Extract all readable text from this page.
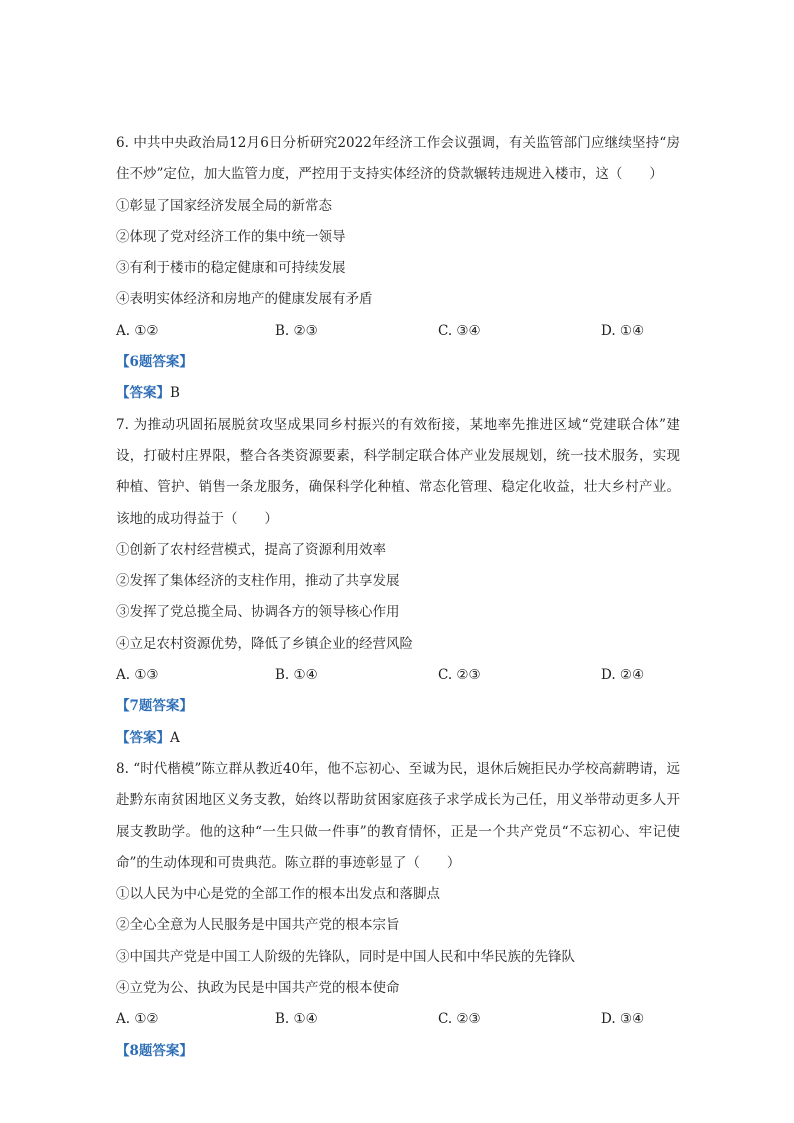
6. 中共中央政治局12月6日分析研究2022年经济工作会议强调，有关监管部门应继续坚持“房住不炒”定位，加大监管力度，严控用于支持实体经济的贷款辗转违规进入楼市，这（　　）
①彰显了国家经济发展全局的新常态
②体现了党对经济工作的集中统一领导
③有利于楼市的稳定健康和可持续发展
④表明实体经济和房地产的健康发展有矛盾
A. ①②	B. ②③	C. ③④	D. ①④
【6题答案】
【答案】B
7. 为推动巩固拓展脱贫攻坚成果同乡村振兴的有效衔接，某地率先推进区域“党建联合体”建设，打破村庄界限，整合各类资源要素，科学制定联合体产业发展规划，统一技术服务，实现种植、管护、销售一条龙服务，确保科学化种植、常态化管理、稳定化收益，壮大乡村产业。该地的成功得益于（　　）
①创新了农村经营模式，提高了资源利用效率
②发挥了集体经济的支柱作用，推动了共享发展
③发挥了党总揽全局、协调各方的领导核心作用
④立足农村资源优势，降低了乡镇企业的经营风险
A. ①③	B. ①④	C. ②③	D. ②④
【7题答案】
【答案】A
8. “时代楷模”陈立群从教近40年，他不忘初心、至诚为民，退休后婉拒民办学校高薪聘请，远赴黔东南贫困地区义务支教，始终以帮助贫困家庭孩子求学成长为己任，用义举带动更多人开展支教助学。他的这种“一生只做一件事”的教育情怀，正是一个共产党员“不忘初心、牢记使命”的生动体现和可贵典范。陈立群的事迹彰显了（　　）
①以人民为中心是党的全部工作的根本出发点和落脚点
②全心全意为人民服务是中国共产党的根本宗旨
③中国共产党是中国工人阶级的先锋队，同时是中国人民和中华民族的先锋队
④立党为公、执政为民是中国共产党的根本使命
A. ①②	B. ①④	C. ②③	D. ③④
【8题答案】
